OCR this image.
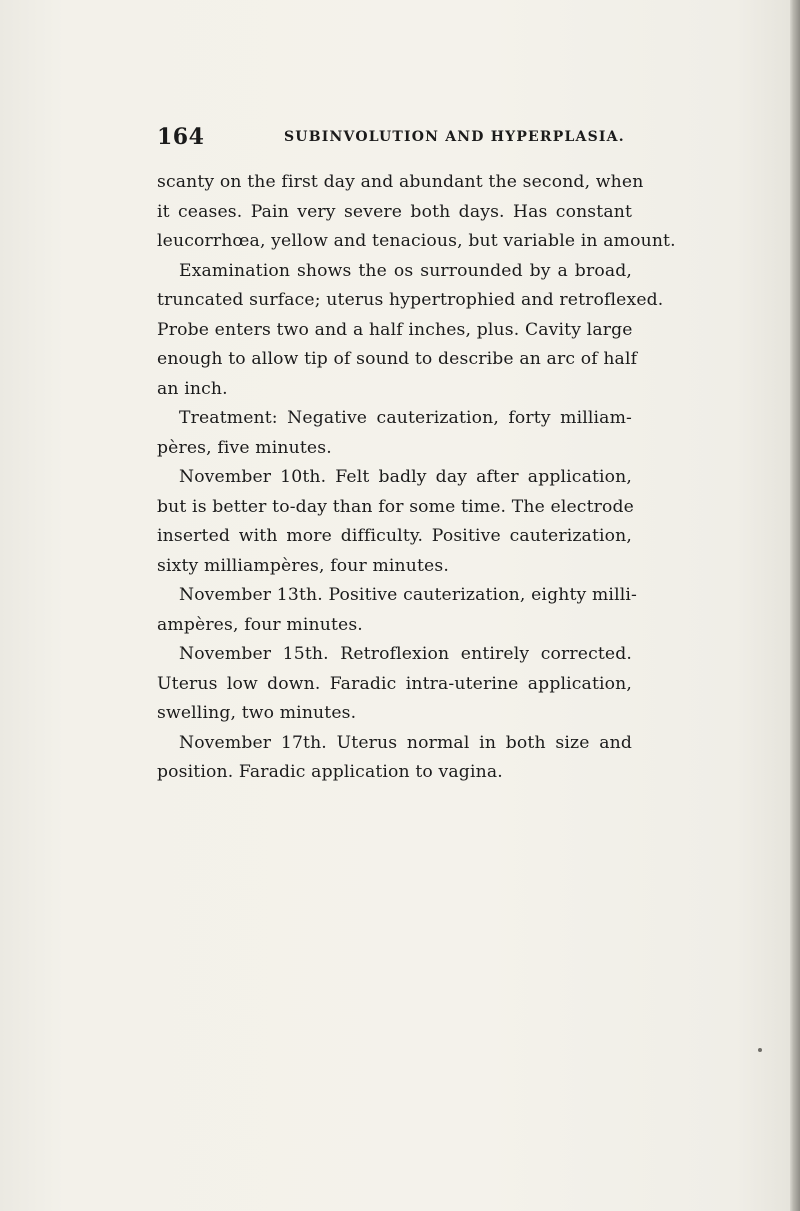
164	SUBINVOLUTION AND HYPERPLASIA.
scanty on the first day and abundant the second, when
it ceases. Pain very severe both days. Has constant
leucorrhœa, yellow and tenacious, but variable in amount.
Examination shows the os surrounded by a broad,
truncated surface; uterus hypertrophied and retroflexed.
Probe enters two and a half inches, plus. Cavity large
enough to allow tip of sound to describe an arc of half
an inch.
Treatment: Negative cauterization, forty milliam-
pères, five minutes.
November 10th. Felt badly day after application,
but is better to-day than for some time. The electrode
inserted with more difficulty. Positive cauterization,
sixty milliampères, four minutes.
November 13th. Positive cauterization, eighty milli-
ampères, four minutes.
November 15th. Retroflexion entirely corrected.
Uterus low down. Faradic intra-uterine application,
swelling, two minutes.
November 17th. Uterus normal in both size and
position. Faradic application to vagina.
